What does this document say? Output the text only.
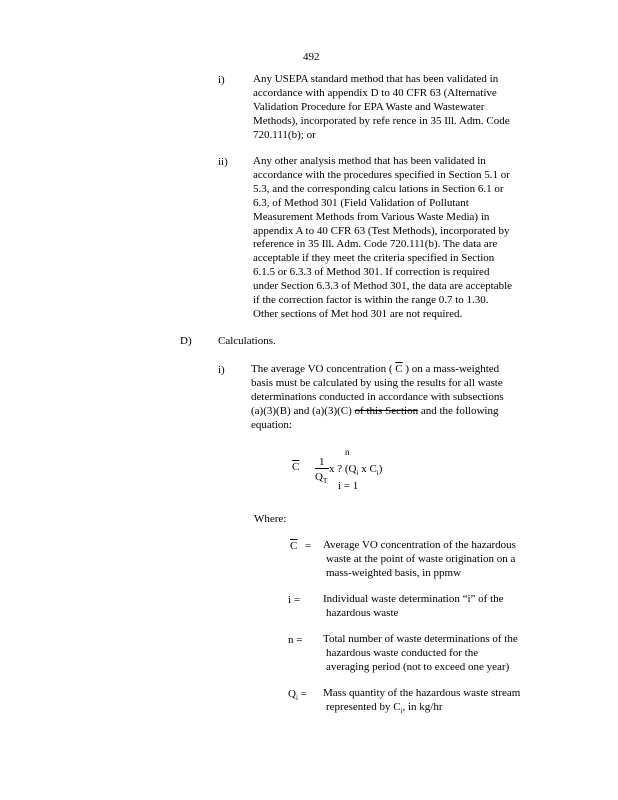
492
i)	Any USEPA standard method that has been validated in
accordance with appendix D to 40 CFR 63 (Alternative
Validation Procedure for EPA Waste and Wastewater
Methods), incorporated by refe rence in 35 Ill. Adm. Code
720.111(b); or
ii) Any other analysis method that has been validated in
accordance with the procedures specified in Section 5.1 or
5.3, and the corresponding calcu lations in Section 6.1 or
6.3, of Method 301 (Field Validation of Pollutant
Measurement Methods from Various Waste Media) in
appendix A to 40 CFR 63 (Test Methods), incorporated by
reference in 35 Ill. Adm. Code 720.111(b). The data are
acceptable if they meet the criteria specified in Section
6.1.5 or 6.3.3 of Method 301. If correction is required
under Section 6.3.3 of Method 301, the data are acceptable
if the correction factor is within the range 0.7 to 1.30.
Other sections of Met hod 301 are not required.
D) Calculations.
i) The average VO concentration ( $\overline{C}$ ) on a mass-weighted
basis must be calculated by using the results for all waste
determinations conducted in accordance with subsections
(a)(3)(B) and (a)(3)(C) of this Section and the following
equation:
$\overline{C}$
n
1
$Q_T$
x ? ($Q_i$ x $C_i$)
i = 1
Where:
$\overline{C}$ = Average VO concentration of the hazardous
waste at the point of waste origination on a
mass-weighted basis, in ppmw
i = Individual waste determination “i” of the
hazardous waste
n = Total number of waste determinations of the
hazardous waste conducted for the
averaging period (not to exceed one year)
$Q_i$ = Mass quantity of the hazardous waste stream
represented by $C_i$, in kg/hr
